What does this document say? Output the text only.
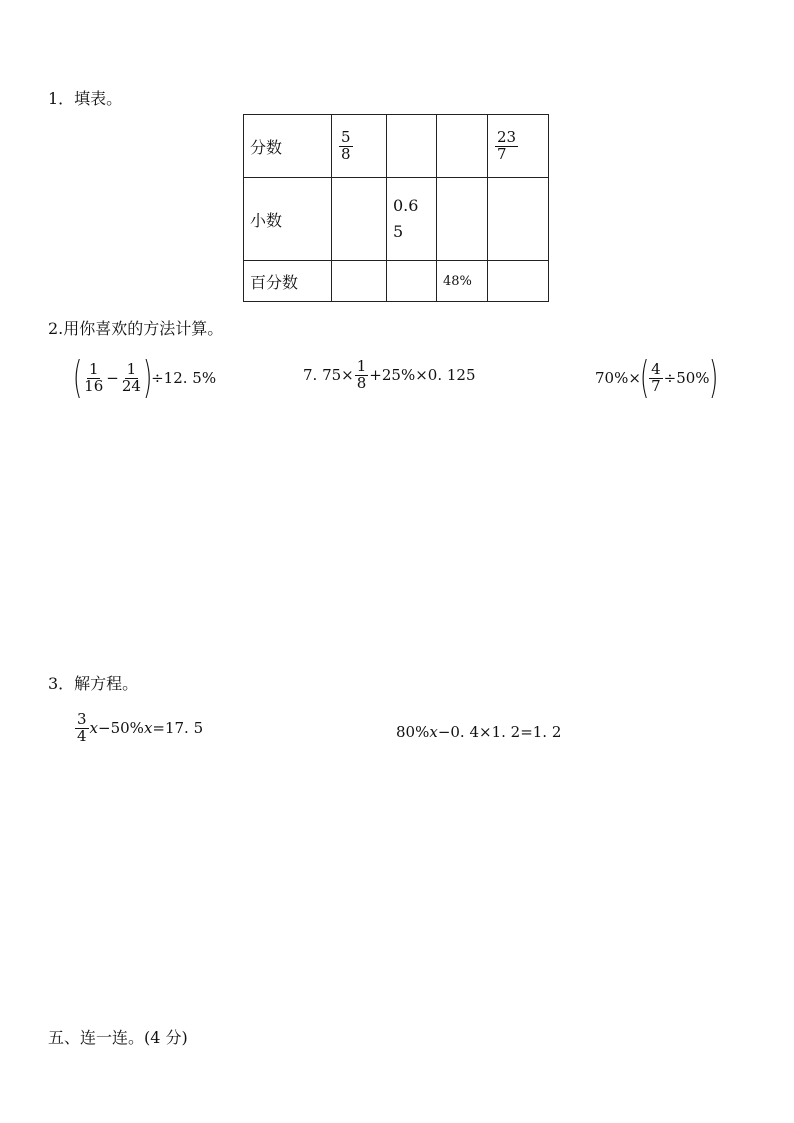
1．填表。
分数	$\frac{5}{8}$			$\frac{23}{7}$

小数		0.6
5		

百分数			48%	
2.用你喜欢的方法计算。
( $\frac{1}{16} - \frac{1}{24}$ )
÷12. 5%	7. $75\times \frac{1}{8} +25\%\times 0$. 125	70%×
( $\frac{4}{7} \div 50\%$
)
3．解方程。
$\frac{3}{4}$ x −50% x =17. 5	80% x −0. 4×1. 2=1. 2
五、连一连。(4 分)
